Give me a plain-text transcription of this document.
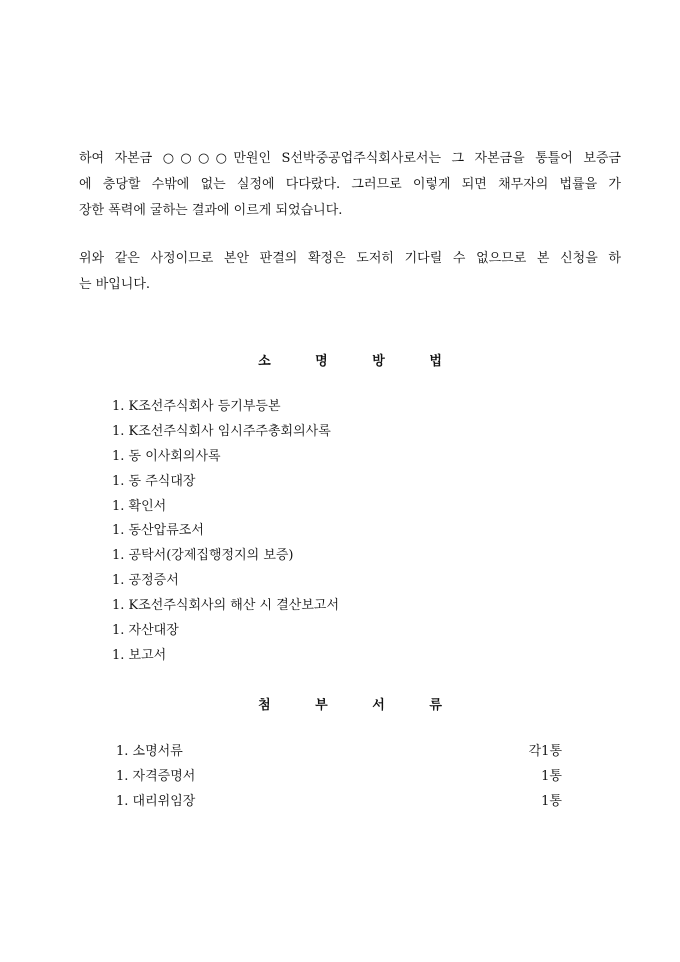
하여 자본금 ○○○○만원인 S선박중공업주식회사로서는 그 자본금을 통틀어 보증금
에 충당할 수밖에 없는 실정에 다다랐다. 그러므로 이렇게 되면 채무자의 법률을 가
장한 폭력에 굴하는 결과에 이르게 되었습니다.
위와 같은 사정이므로 본안 판결의 확정은 도저히 기다릴 수 없으므로 본 신청을 하
는 바입니다.
소 명 방 법
1. K조선주식회사 등기부등본
1. K조선주식회사 임시주주총회의사록
1. 동 이사회의사록
1. 동 주식대장
1. 확인서
1. 동산압류조서
1. 공탁서(강제집행정지의 보증)
1. 공정증서
1. K조선주식회사의 해산 시 결산보고서
1. 자산대장
1. 보고서
첨 부 서 류
1. 소명서류	각1통
1. 자격증명서	1통
1. 대리위임장	1통
